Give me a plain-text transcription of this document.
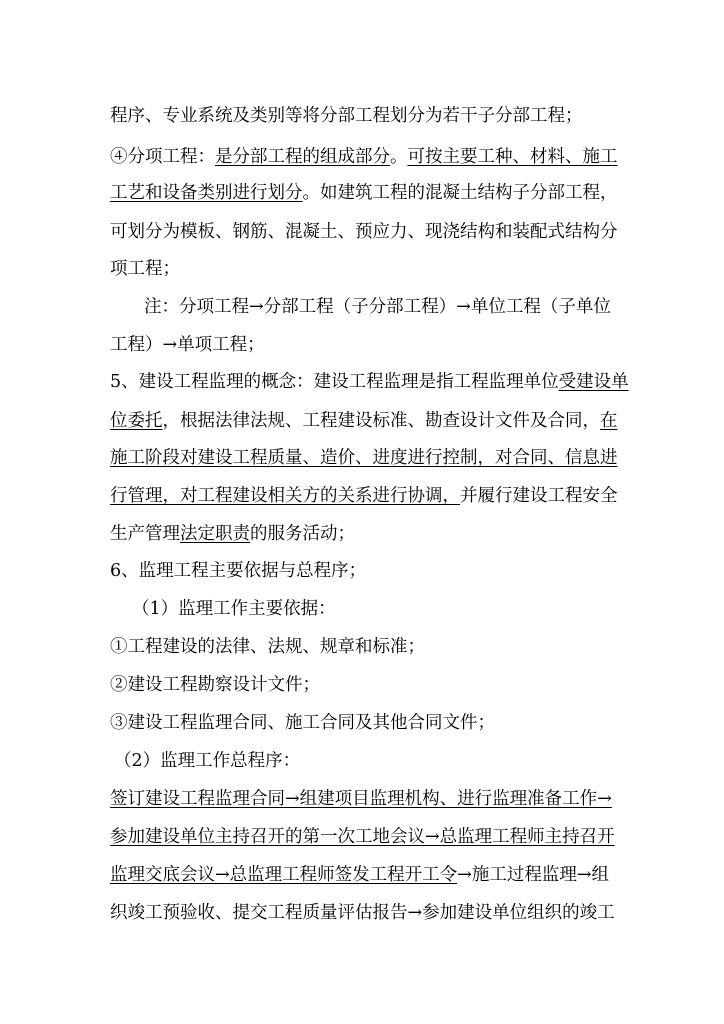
程序、专业系统及类别等将分部工程划分为若干子分部工程；
④分项工程：是分部工程的组成部分。可按主要工种、材料、施工
工艺和设备类别进行划分。如建筑工程的混凝土结构子分部工程，
可划分为模板、钢筋、混凝土、预应力、现浇结构和装配式结构分
项工程；
注：分项工程→分部工程（子分部工程）→单位工程（子单位
工程）→单项工程；
5、建设工程监理的概念：建设工程监理是指工程监理单位受建设单
位委托，根据法律法规、工程建设标准、勘查设计文件及合同，在
施工阶段对建设工程质量、造价、进度进行控制，对合同、信息进
行管理，对工程建设相关方的关系进行协调，并履行建设工程安全
生产管理法定职责的服务活动；
6、监理工程主要依据与总程序；
（1）监理工作主要依据：
①工程建设的法律、法规、规章和标准；
②建设工程勘察设计文件；
③建设工程监理合同、施工合同及其他合同文件；
（2）监理工作总程序：
签订建设工程监理合同→组建项目监理机构、进行监理准备工作→
参加建设单位主持召开的第一次工地会议→总监理工程师主持召开
监理交底会议→总监理工程师签发工程开工令→施工过程监理→组
织竣工预验收、提交工程质量评估报告→参加建设单位组织的竣工
